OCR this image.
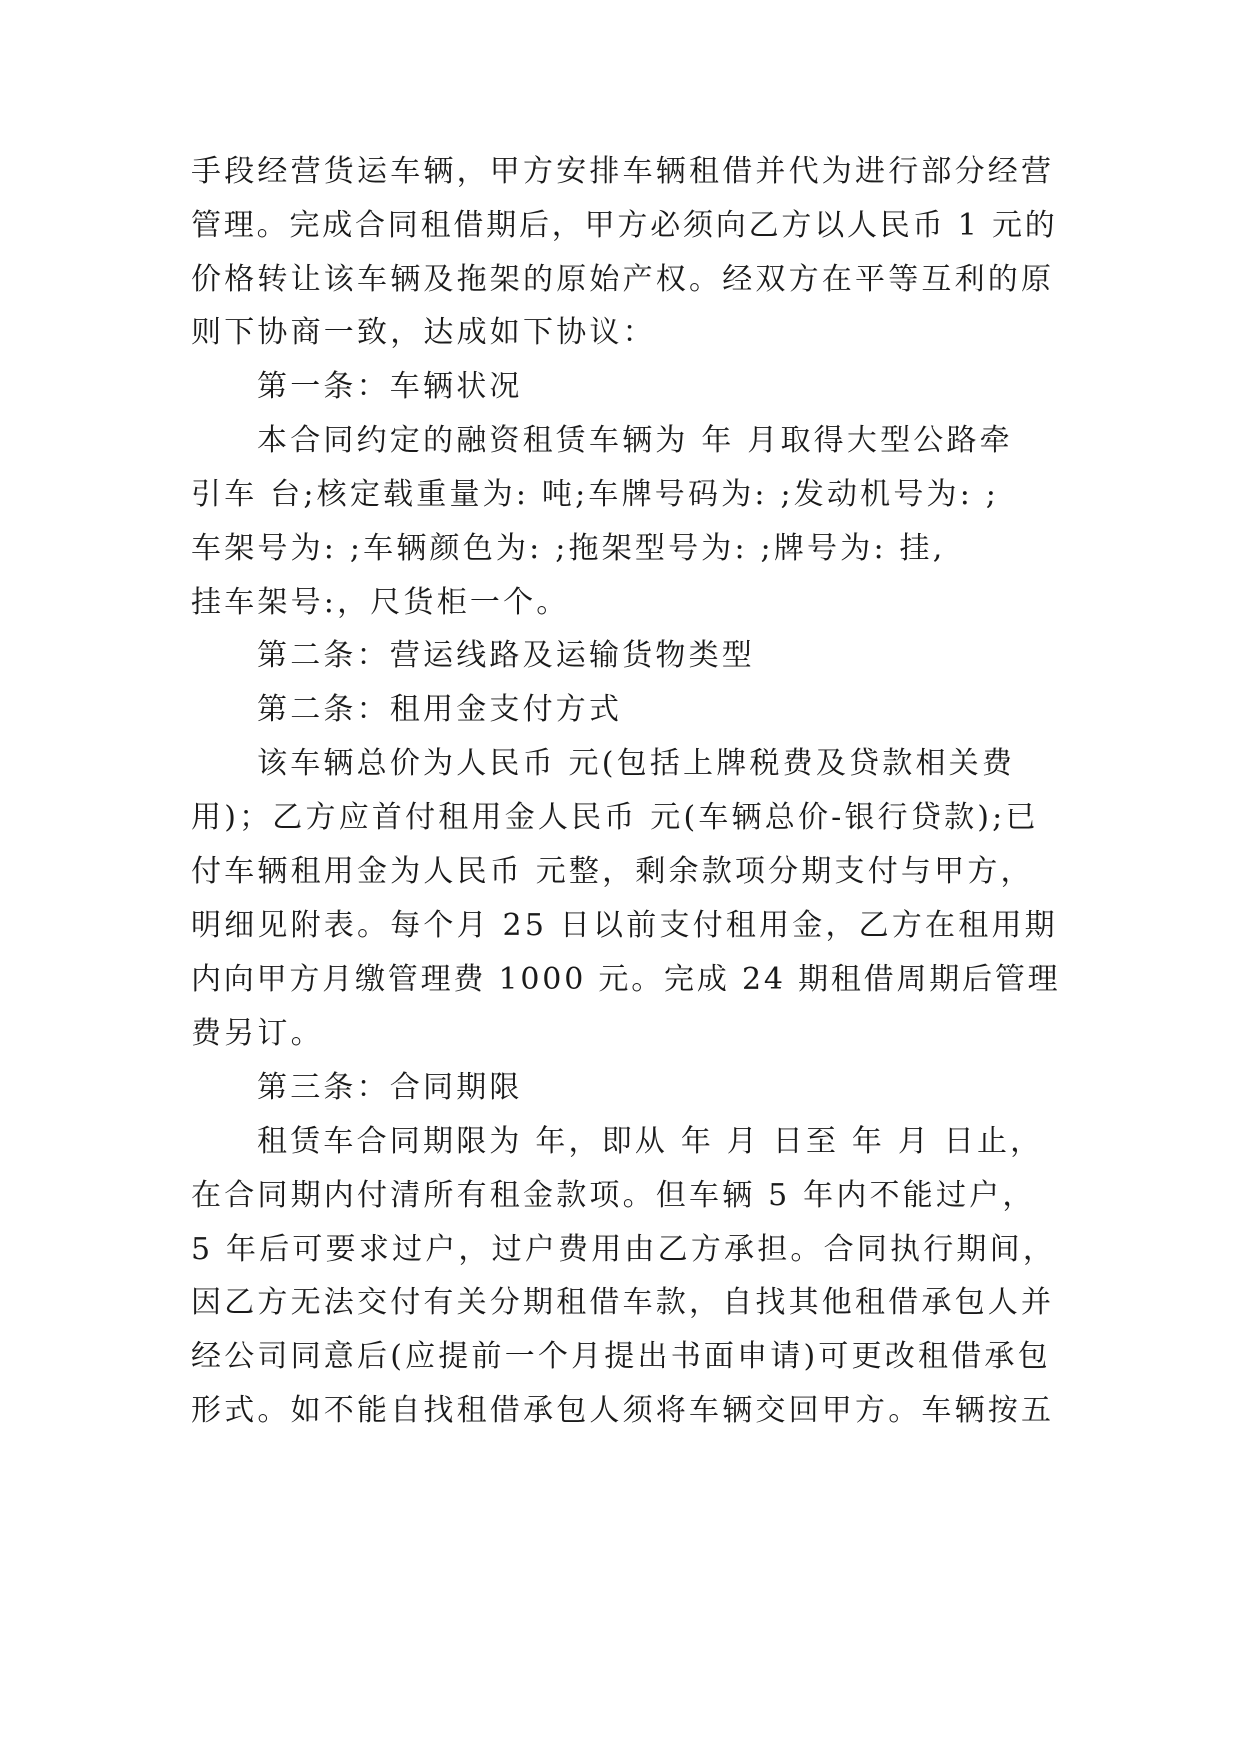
手段经营货运车辆，甲方安排车辆租借并代为进行部分经营
管理。完成合同租借期后，甲方必须向乙方以人民币 1 元的
价格转让该车辆及拖架的原始产权。经双方在平等互利的原
则下协商一致，达成如下协议：
第一条：车辆状况
本合同约定的融资租赁车辆为 年 月取得大型公路牵
引车 台;核定载重量为: 吨;车牌号码为: ;发动机号为: ;
车架号为: ;车辆颜色为: ;拖架型号为: ;牌号为: 挂,
挂车架号:，尺货柜一个。
第二条：营运线路及运输货物类型
第二条：租用金支付方式
该车辆总价为人民币 元(包括上牌税费及贷款相关费
用)；乙方应首付租用金人民币 元(车辆总价-银行贷款);已
付车辆租用金为人民币 元整，剩余款项分期支付与甲方，
明细见附表。每个月 25 日以前支付租用金，乙方在租用期
内向甲方月缴管理费 1000 元。完成 24 期租借周期后管理
费另订。
第三条：合同期限
租赁车合同期限为 年，即从 年 月 日至 年 月 日止，
在合同期内付清所有租金款项。但车辆 5 年内不能过户，
5 年后可要求过户，过户费用由乙方承担。合同执行期间，
因乙方无法交付有关分期租借车款，自找其他租借承包人并
经公司同意后(应提前一个月提出书面申请)可更改租借承包
形式。如不能自找租借承包人须将车辆交回甲方。车辆按五
